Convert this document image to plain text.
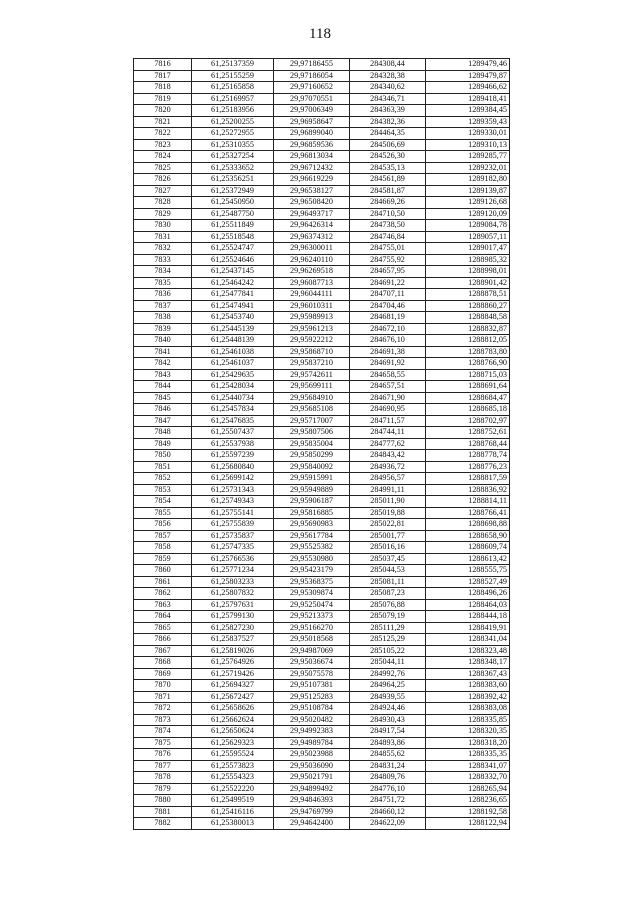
118
7816	61,25137359	29,97186455	284308,44	1289479,46
7817	61,25155259	29,97186054	284328,38	1289479,87
7818	61,25165858	29,97160652	284340,62	1289466,62
7819	61,25169957	29,97070551	284346,71	1289418,41
7820	61,25183956	29,97006349	284363,39	1289384,45
7821	61,25200255	29,96958647	284382,36	1289359,43
7822	61,25272955	29,96899040	284464,35	1289330,01
7823	61,25310355	29,96859536	284506,69	1289310,13
7824	61,25327254	29,96813034	284526,30	1289285,77
7825	61,25333652	29,96712432	284535,13	1289232,01
7826	61,25356251	29,96619229	284561,89	1289182,80
7827	61,25372949	29,96538127	284581,87	1289139,87
7828	61,25450950	29,96508420	284669,26	1289126,68
7829	61,25487750	29,96493717	284710,50	1289120,09
7830	61,25511849	29,96426314	284738,50	1289084,78
7831	61,25518548	29,96374312	284746,84	1289057,11
7832	61,25524747	29,96300011	284755,01	1289017,47
7833	61,25524646	29,96240110	284755,92	1288985,32
7834	61,25437145	29,96269518	284657,95	1288998,01
7835	61,25464242	29,96087713	284691,22	1288901,42
7836	61,25477841	29,96044111	284707,11	1288878,51
7837	61,25474941	29,96010311	284704,46	1288860,27
7838	61,25453740	29,95989913	284681,19	1288848,58
7839	61,25445139	29,95961213	284672,10	1288832,87
7840	61,25448139	29,95922212	284676,10	1288812,05
7841	61,25461038	29,95868710	284691,38	1288783,80
7842	61,25461037	29,95837210	284691,92	1288766,90
7843	61,25429635	29,95742611	284658,55	1288715,03
7844	61,25428034	29,95699111	284657,51	1288691,64
7845	61,25440734	29,95684910	284671,90	1288684,47
7846	61,25457834	29,95685108	284690,95	1288685,18
7847	61,25476835	29,95717007	284711,57	1288702,97
7848	61,25507437	29,95807506	284744,11	1288752,61
7849	61,25537938	29,95835004	284777,62	1288768,44
7850	61,25597239	29,95850299	284843,42	1288778,74
7851	61,25680840	29,95840092	284936,72	1288776,23
7852	61,25699142	29,95915991	284956,57	1288817,59
7853	61,25731343	29,95949889	284991,11	1288836,92
7854	61,25749343	29,95906187	285011,90	1288814,11
7855	61,25755141	29,95816885	285019,88	1288766,41
7856	61,25755839	29,95690983	285022,81	1288698,88
7857	61,25735837	29,95617784	285001,77	1288658,90
7858	61,25747335	29,95525382	285016,16	1288609,74
7859	61,25766536	29,95530980	285037,45	1288613,42
7860	61,25771234	29,95423179	285044,53	1288555,75
7861	61,25803233	29,95368375	285081,11	1288527,49
7862	61,25807832	29,95309874	285087,23	1288496,26
7863	61,25797631	29,95250474	285076,88	1288464,03
7864	61,25799130	29,95213373	285079,19	1288444,18
7865	61,25827230	29,95166270	285111,29	1288419,91
7866	61,25837527	29,95018568	285125,29	1288341,04
7867	61,25819026	29,94987069	285105,22	1288323,48
7868	61,25764926	29,95036674	285044,11	1288348,17
7869	61,25719426	29,95075578	284992,76	1288367,43
7870	61,25694327	29,95107381	284964,25	1288383,60
7871	61,25672427	29,95125283	284939,55	1288392,42
7872	61,25658626	29,95108784	284924,46	1288383,08
7873	61,25662624	29,95020482	284930,43	1288335,85
7874	61,25650624	29,94992383	284917,54	1288320,35
7875	61,25629323	29,94989784	284893,86	1288318,20
7876	61,25595524	29,95023988	284855,62	1288335,35
7877	61,25573823	29,95036090	284831,24	1288341,07
7878	61,25554323	29,95021791	284809,76	1288332,70
7879	61,25522220	29,94899492	284776,10	1288265,94
7880	61,25499519	29,94846393	284751,72	1288236,65
7881	61,25416116	29,94769799	284660,12	1288192,58
7882	61,25380013	29,94642400	284622,09	1288122,94
